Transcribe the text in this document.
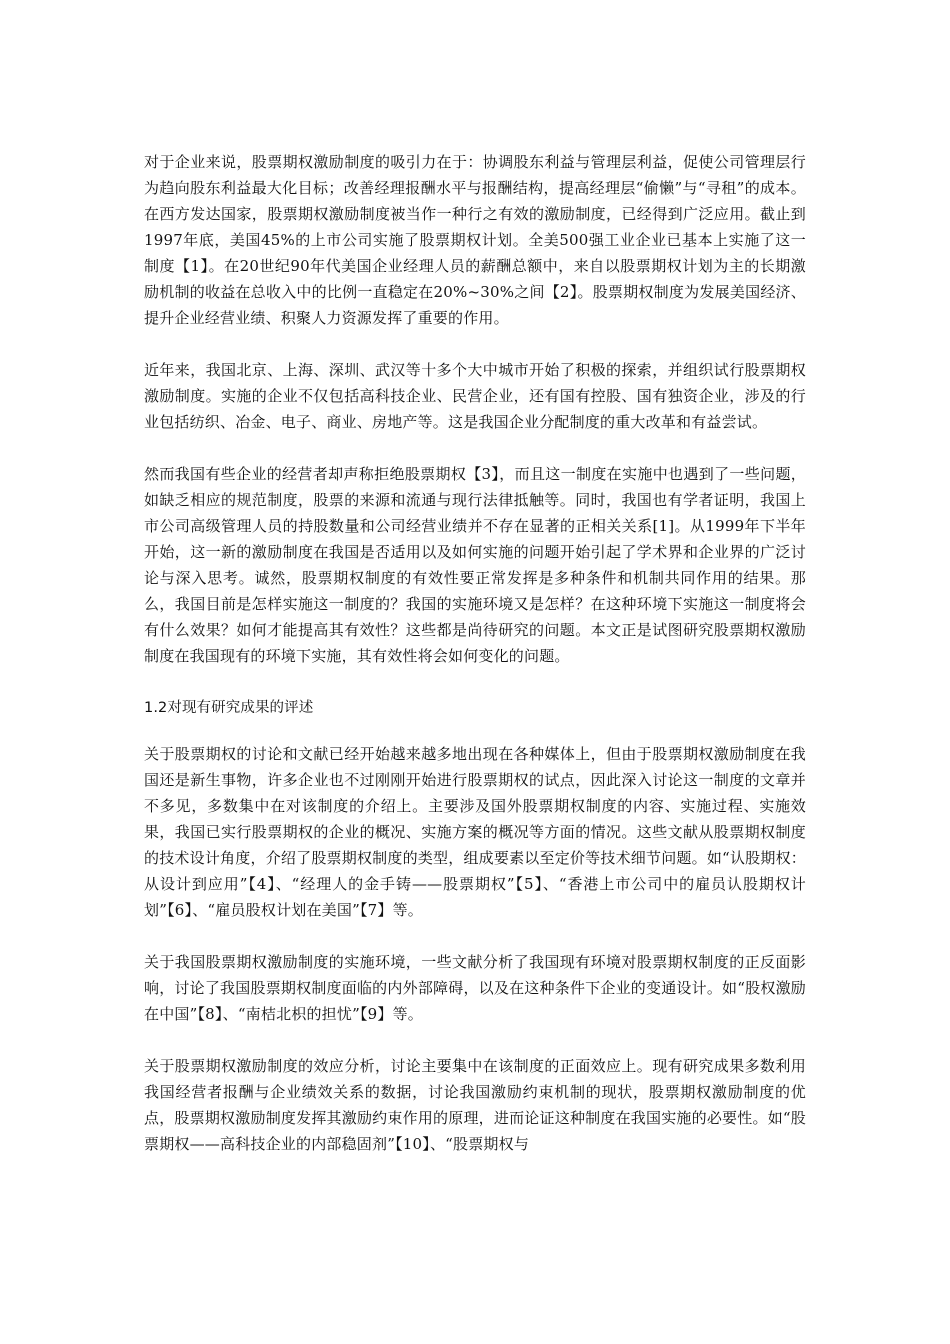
对于企业来说，股票期权激励制度的吸引力在于：协调股东利益与管理层利益，促使公司管理层行为趋向股东利益最大化目标；改善经理报酬水平与报酬结构，提高经理层“偷懒”与“寻租”的成本。在西方发达国家，股票期权激励制度被当作一种行之有效的激励制度，已经得到广泛应用。截止到1997年底，美国45%的上市公司实施了股票期权计划。全美500强工业企业已基本上实施了这一制度【1】。在20世纪90年代美国企业经理人员的薪酬总额中，来自以股票期权计划为主的长期激励机制的收益在总收入中的比例一直稳定在20%~30%之间【2】。股票期权制度为发展美国经济、提升企业经营业绩、积聚人力资源发挥了重要的作用。

近年来，我国北京、上海、深圳、武汉等十多个大中城市开始了积极的探索，并组织试行股票期权激励制度。实施的企业不仅包括高科技企业、民营企业，还有国有控股、国有独资企业，涉及的行业包括纺织、冶金、电子、商业、房地产等。这是我国企业分配制度的重大改革和有益尝试。

然而我国有些企业的经营者却声称拒绝股票期权【3】，而且这一制度在实施中也遇到了一些问题，如缺乏相应的规范制度，股票的来源和流通与现行法律抵触等。同时，我国也有学者证明，我国上市公司高级管理人员的持股数量和公司经营业绩并不存在显著的正相关关系[1]。从1999年下半年开始，这一新的激励制度在我国是否适用以及如何实施的问题开始引起了学术界和企业界的广泛讨论与深入思考。诚然，股票期权制度的有效性要正常发挥是多种条件和机制共同作用的结果。那么，我国目前是怎样实施这一制度的？我国的实施环境又是怎样？在这种环境下实施这一制度将会有什么效果？如何才能提高其有效性？这些都是尚待研究的问题。本文正是试图研究股票期权激励制度在我国现有的环境下实施，其有效性将会如何变化的问题。

1.2对现有研究成果的评述

关于股票期权的讨论和文献已经开始越来越多地出现在各种媒体上，但由于股票期权激励制度在我国还是新生事物，许多企业也不过刚刚开始进行股票期权的试点，因此深入讨论这一制度的文章并不多见，多数集中在对该制度的介绍上。主要涉及国外股票期权制度的内容、实施过程、实施效果，我国已实行股票期权的企业的概况、实施方案的概况等方面的情况。这些文献从股票期权制度的技术设计角度，介绍了股票期权制度的类型，组成要素以至定价等技术细节问题。如“认股期权：从设计到应用”【4】、“经理人的金手铸——股票期权”【5】、“香港上市公司中的雇员认股期权计划”【6】、“雇员股权计划在美国”【7】等。

关于我国股票期权激励制度的实施环境，一些文献分析了我国现有环境对股票期权制度的正反面影响，讨论了我国股票期权制度面临的内外部障碍，以及在这种条件下企业的变通设计。如“股权激励在中国”【8】、“南桔北枳的担忧”【9】等。

关于股票期权激励制度的效应分析，讨论主要集中在该制度的正面效应上。现有研究成果多数利用我国经营者报酬与企业绩效关系的数据，讨论我国激励约束机制的现状，股票期权激励制度的优点，股票期权激励制度发挥其激励约束作用的原理，进而论证这种制度在我国实施的必要性。如“股票期权——高科技企业的内部稳固剂”【10】、“股票期权与
